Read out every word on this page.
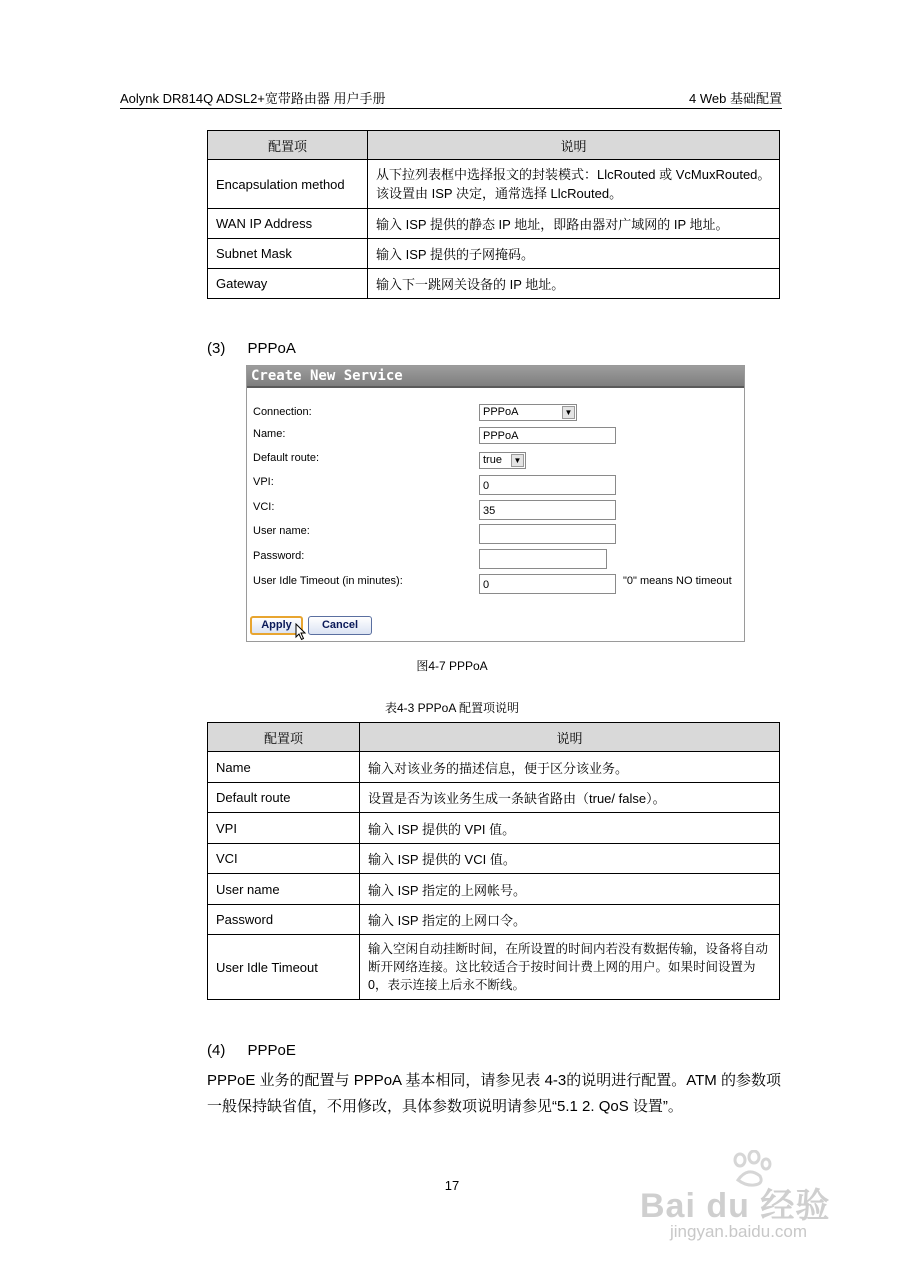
Aolynk DR814Q ADSL2+宽带路由器 用户手册	4 Web 基础配置
配置项	说明
Encapsulation method	从下拉列表框中选择报文的封装模式：LlcRouted 或 VcMuxRouted。该设置由 ISP 决定，通常选择 LlcRouted。
WAN IP Address	输入 ISP 提供的静态 IP 地址，即路由器对广域网的 IP 地址。
Subnet Mask	输入 ISP 提供的子网掩码。
Gateway	输入下一跳网关设备的 IP 地址。
(3) PPPoA
Create New Service
Connection:	PPPoA	▼
Name:	PPPoA
Default route:	true	▼
VPI:	0
VCI:	35
User name:
Password:
User Idle Timeout (in minutes):	0	"0" means NO timeout
Apply	Cancel
图4-7 PPPoA
表4-3 PPPoA 配置项说明
配置项	说明
Name	输入对该业务的描述信息，便于区分该业务。
Default route	设置是否为该业务生成一条缺省路由（true/ false）。
VPI	输入 ISP 提供的 VPI 值。
VCI	输入 ISP 提供的 VCI 值。
User name	输入 ISP 指定的上网帐号。
Password	输入 ISP 指定的上网口令。
User Idle Timeout	输入空闲自动挂断时间，在所设置的时间内若没有数据传输，设备将自动断开网络连接。这比较适合于按时间计费上网的用户。如果时间设置为 0，表示连接上后永不断线。
(4) PPPoE
PPPoE 业务的配置与 PPPoA 基本相同，请参见表 4-3的说明进行配置。ATM 的参数项一般保持缺省值，不用修改，具体参数项说明请参见“5.1 2. QoS 设置”。
17
Bai du 经验
jingyan.baidu.com
